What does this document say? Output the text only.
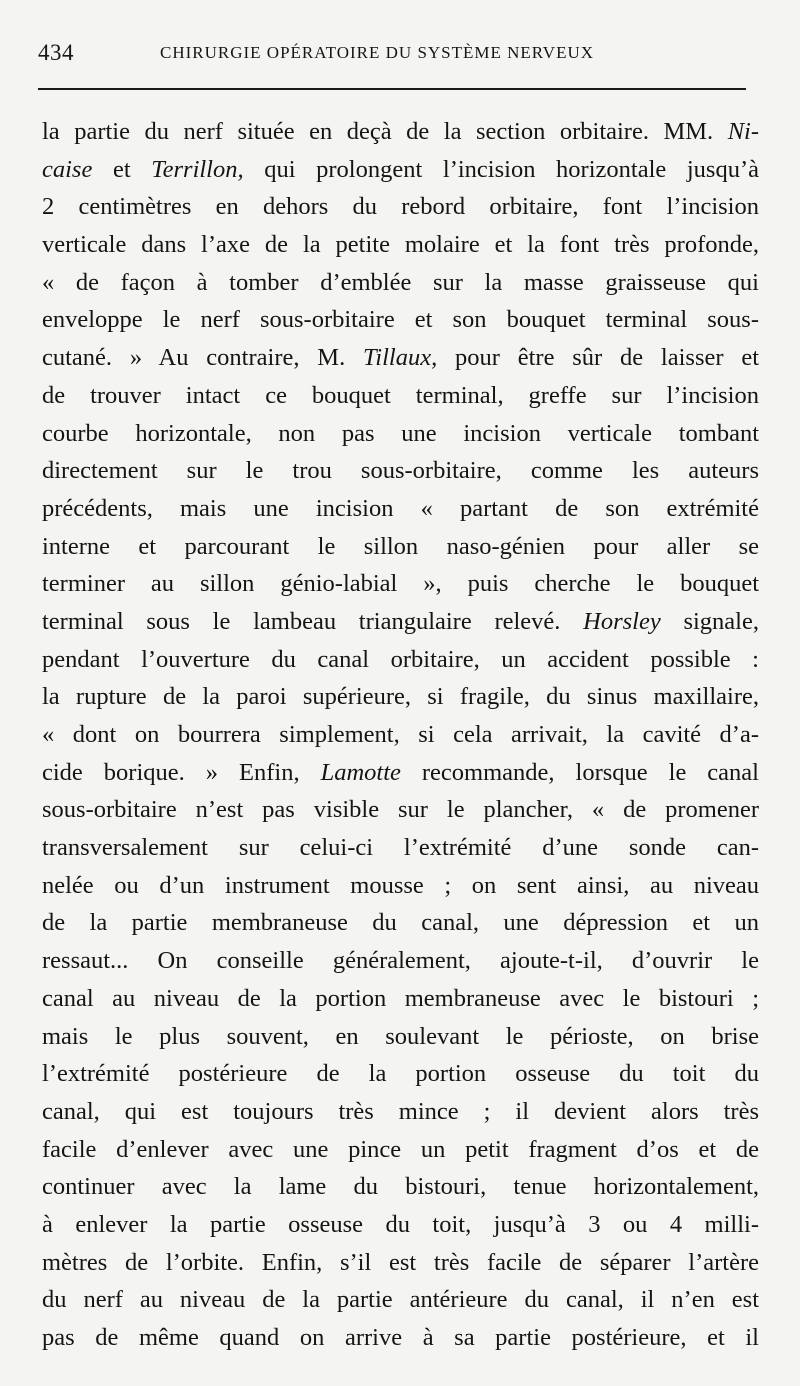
434	CHIRURGIE OPÉRATOIRE DU SYSTÈME NERVEUX
la partie du nerf située en deçà de la section orbitaire. MM. Ni-
caise et Terrillon, qui prolongent l’incision horizontale jusqu’à
2 centimètres en dehors du rebord orbitaire, font l’incision
verticale dans l’axe de la petite molaire et la font très profonde,
« de façon à tomber d’emblée sur la masse graisseuse qui
enveloppe le nerf sous-orbitaire et son bouquet terminal sous-
cutané. » Au contraire, M. Tillaux, pour être sûr de laisser et
de trouver intact ce bouquet terminal, greffe sur l’incision
courbe horizontale, non pas une incision verticale tombant
directement sur le trou sous-orbitaire, comme les auteurs
précédents, mais une incision « partant de son extrémité
interne et parcourant le sillon naso-génien pour aller se
terminer au sillon génio-labial », puis cherche le bouquet
terminal sous le lambeau triangulaire relevé. Horsley signale,
pendant l’ouverture du canal orbitaire, un accident possible :
la rupture de la paroi supérieure, si fragile, du sinus maxillaire,
« dont on bourrera simplement, si cela arrivait, la cavité d’a-
cide borique. » Enfin, Lamotte recommande, lorsque le canal
sous-orbitaire n’est pas visible sur le plancher, « de promener
transversalement sur celui-ci l’extrémité d’une sonde can-
nelée ou d’un instrument mousse ; on sent ainsi, au niveau
de la partie membraneuse du canal, une dépression et un
ressaut... On conseille généralement, ajoute-t-il, d’ouvrir le
canal au niveau de la portion membraneuse avec le bistouri ;
mais le plus souvent, en soulevant le périoste, on brise
l’extrémité postérieure de la portion osseuse du toit du
canal, qui est toujours très mince ; il devient alors très
facile d’enlever avec une pince un petit fragment d’os et de
continuer avec la lame du bistouri, tenue horizontalement,
à enlever la partie osseuse du toit, jusqu’à 3 ou 4 milli-
mètres de l’orbite. Enfin, s’il est très facile de séparer l’artère
du nerf au niveau de la partie antérieure du canal, il n’en est
pas de même quand on arrive à sa partie postérieure, et il
